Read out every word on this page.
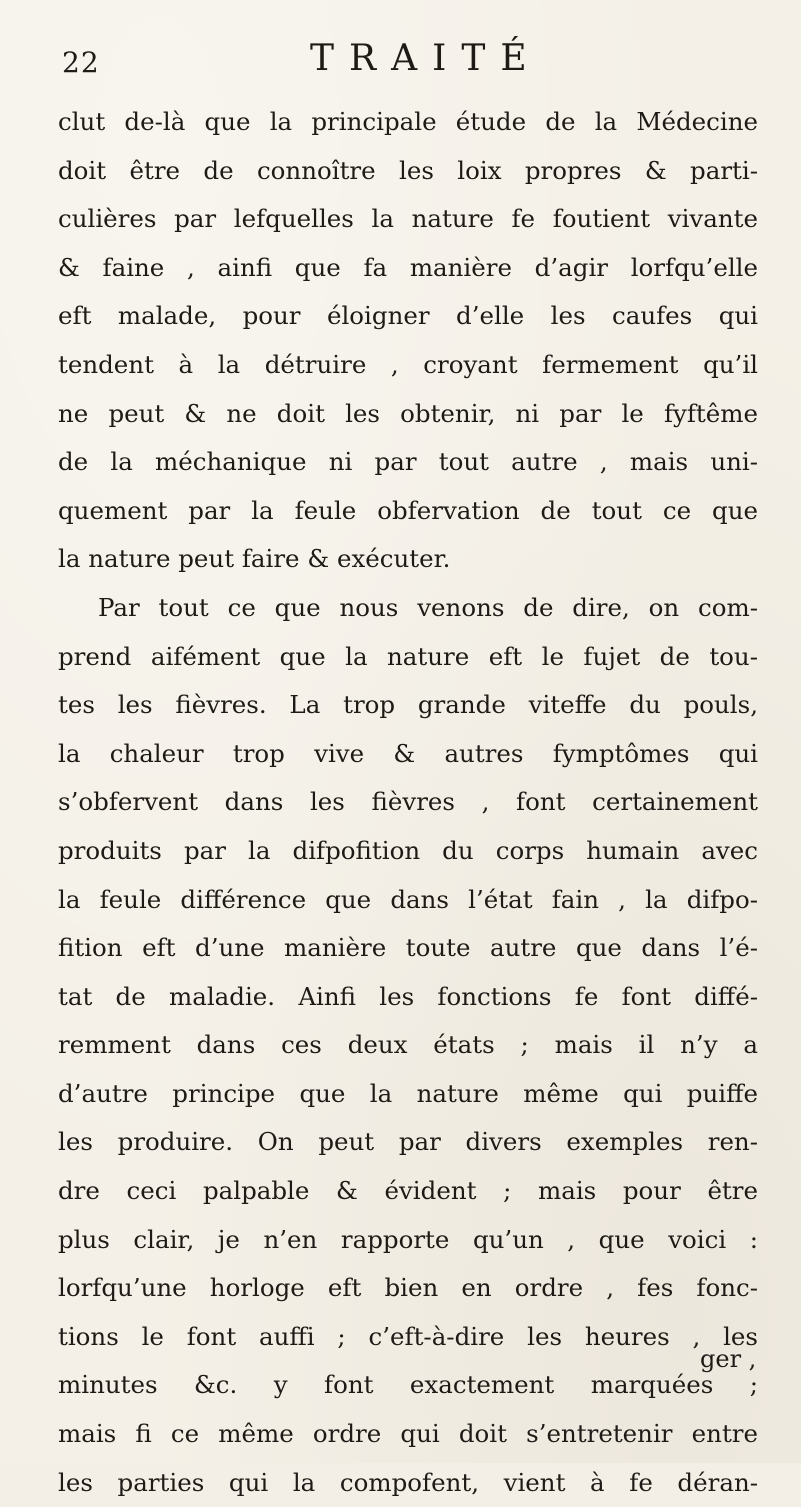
22	TRAITÉ
clut de-là que la principale étude de la Médecine
doit être de connoître les loix propres & parti-
culières par lefquelles la nature fe foutient vivante
& faine , ainfi que fa manière d’agir lorfqu’elle
eft malade, pour éloigner d’elle les caufes qui
tendent à la détruire , croyant fermement qu’il
ne peut & ne doit les obtenir, ni par le fyftême
de la méchanique ni par tout autre , mais uni-
quement par la feule obfervation de tout ce que
la nature peut faire & exécuter.
Par tout ce que nous venons de dire, on com-
prend aifément que la nature eft le fujet de tou-
tes les fièvres. La trop grande viteffe du pouls,
la chaleur trop vive & autres fymptômes qui
s’obfervent dans les fièvres , font certainement
produits par la difpofition du corps humain avec
la feule différence que dans l’état fain , la difpo-
fition eft d’une manière toute autre que dans l’é-
tat de maladie. Ainfi les fonctions fe font diffé-
remment dans ces deux états ; mais il n’y a
d’autre principe que la nature même qui puiffe
les produire. On peut par divers exemples ren-
dre ceci palpable & évident ; mais pour être
plus clair, je n’en rapporte qu’un , que voici :
lorfqu’une horloge eft bien en ordre , fes fonc-
tions le font auffi ; c’eft-à-dire les heures , les
minutes &c. y font exactement marquées ;
mais fi ce même ordre qui doit s’entretenir entre
les parties qui la compofent, vient à fe déran-
ger ,
